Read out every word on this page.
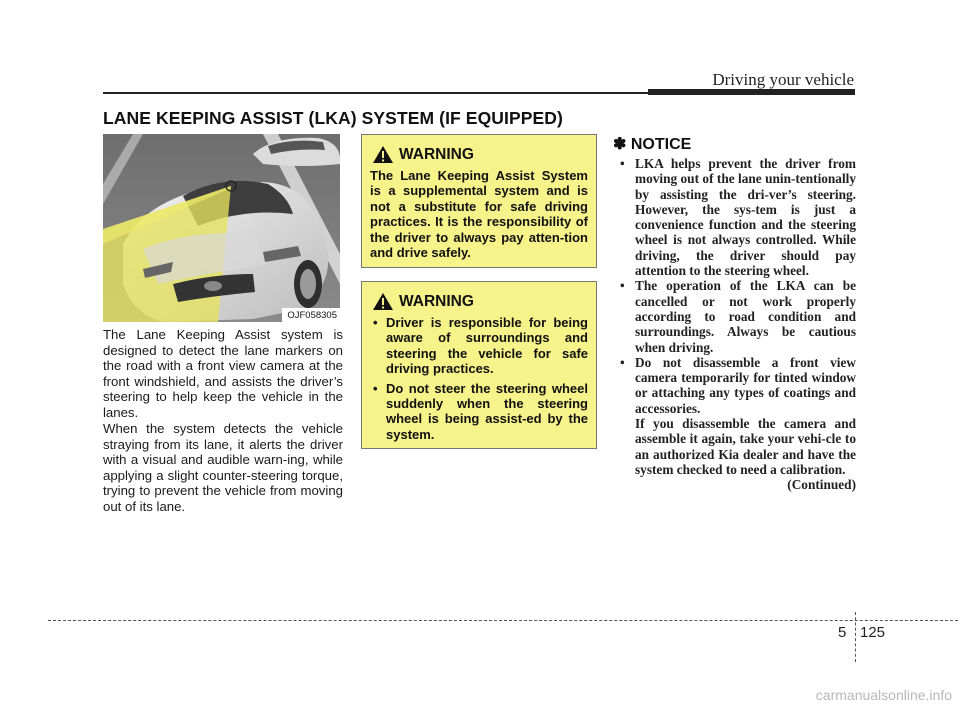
Driving your vehicle
LANE KEEPING ASSIST (LKA) SYSTEM (IF EQUIPPED)
OJF058305
The Lane Keeping Assist system is designed to detect the lane markers on the road with a front view camera at the front windshield, and assists the driver’s steering to help keep the vehicle in the lanes.
When the system detects the vehicle straying from its lane, it alerts the driver with a visual and audible warn-ing, while applying a slight counter-steering torque, trying to prevent the vehicle from moving out of its lane.
WARNING
The Lane Keeping Assist System is a supplemental system and is not a substitute for safe driving practices. It is the responsibility of the driver to always pay atten-tion and drive safely.
WARNING
• Driver is responsible for being aware of surroundings and steering the vehicle for safe driving practices.
• Do not steer the steering wheel suddenly when the steering wheel is being assist-ed by the system.
✽ NOTICE
• LKA helps prevent the driver from moving out of the lane unin-tentionally by assisting the dri-ver’s steering. However, the sys-tem is just a convenience function and the steering wheel is not always controlled. While driving, the driver should pay attention to the steering wheel.
• The operation of the LKA can be cancelled or not work properly according to road condition and surroundings. Always be cautious when driving.
• Do not disassemble a front view camera temporarily for tinted window or attaching any types of coatings and accessories.
If you disassemble the camera and assemble it again, take your vehi-cle to an authorized Kia dealer and have the system checked to need a calibration.
(Continued)
5 125
carmanualsonline.info
